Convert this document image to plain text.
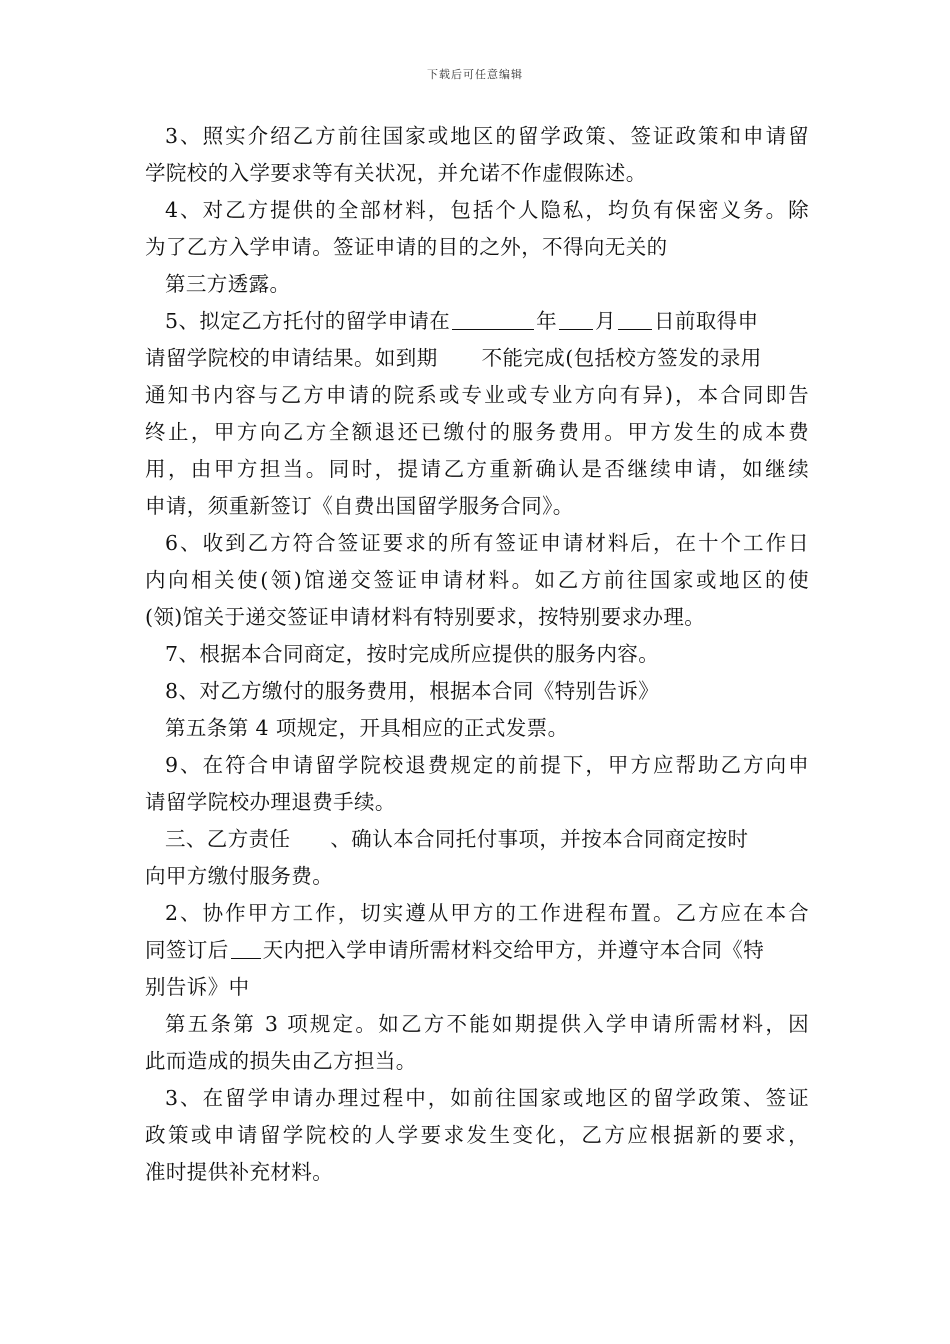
下载后可任意编辑
3、照实介绍乙方前往国家或地区的留学政策、签证政策和申请留
学院校的入学要求等有关状况，并允诺不作虚假陈述。
4、对乙方提供的全部材料，包括个人隐私，均负有保密义务。除
为了乙方入学申请。签证申请的目的之外，不得向无关的
第三方透露。
5、拟定乙方托付的留学申请在	年 月 日前取得申
请留学院校的申请结果。如到期 不能完成(包括校方签发的录用
通知书内容与乙方申请的院系或专业或专业方向有异)，本合同即告
终止，甲方向乙方全额退还已缴付的服务费用。甲方发生的成本费
用，由甲方担当。同时，提请乙方重新确认是否继续申请，如继续
申请，须重新签订《自费出国留学服务合同》。
6、收到乙方符合签证要求的所有签证申请材料后，在十个工作日
内向相关使(领)馆递交签证申请材料。如乙方前往国家或地区的使
(领)馆关于递交签证申请材料有特别要求，按特别要求办理。
7、根据本合同商定，按时完成所应提供的服务内容。
8、对乙方缴付的服务费用，根据本合同《特别告诉》
第五条第 4 项规定，开具相应的正式发票。
9、在符合申请留学院校退费规定的前提下，甲方应帮助乙方向申
请留学院校办理退费手续。
三、乙方责任 、确认本合同托付事项，并按本合同商定按时
向甲方缴付服务费。
2、协作甲方工作，切实遵从甲方的工作进程布置。乙方应在本合
同签订后 天内把入学申请所需材料交给甲方，并遵守本合同《特
别告诉》中
第五条第 3 项规定。如乙方不能如期提供入学申请所需材料，因
此而造成的损失由乙方担当。
3、在留学申请办理过程中，如前往国家或地区的留学政策、签证
政策或申请留学院校的人学要求发生变化，乙方应根据新的要求，
准时提供补充材料。
